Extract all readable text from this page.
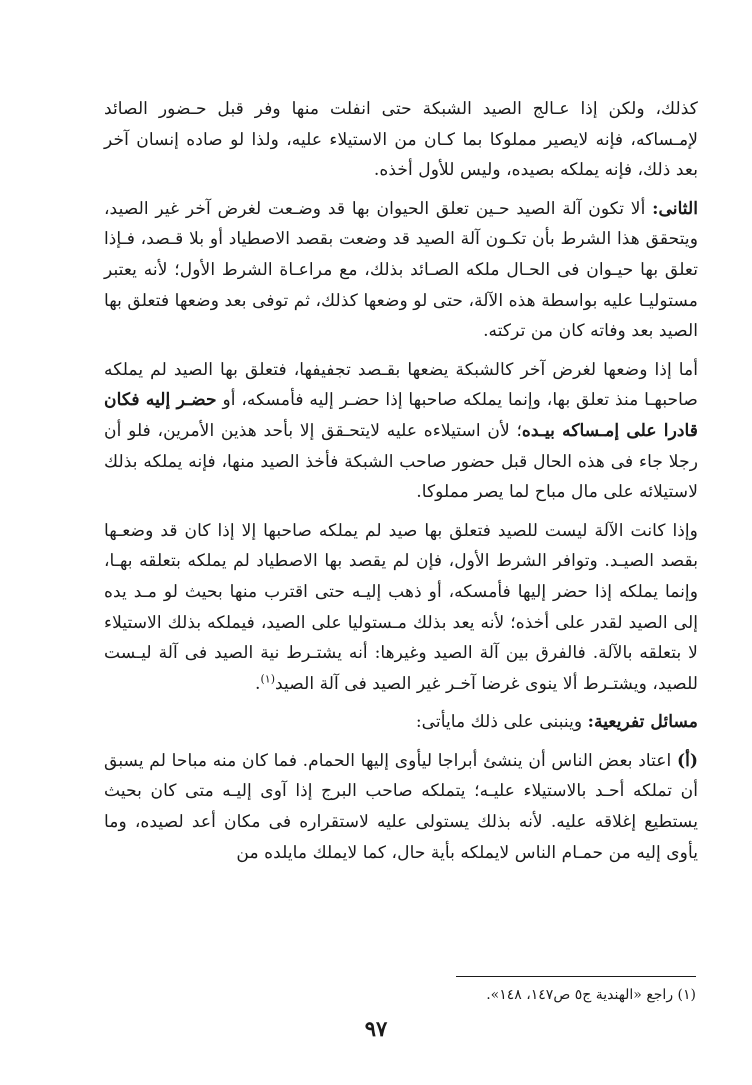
كذلك، ولكن إذا عـالج الصيد الشبكة حتى انفلت منها وفر قبل حـضور الصائد لإمـساكه، فإنه لايصير مملوكا بما كـان من الاستيلاء عليه، ولذا لو صاده إنسان آخر بعد ذلك، فإنه يملكه بصيده، وليس للأول أخذه.

الثانى: ألا تكون آلة الصيد حـين تعلق الحيوان بها قد وضـعت لغرض آخر غير الصيد، ويتحقق هذا الشرط بأن تكـون آلة الصيد قد وضعت بقصد الاصطياد أو بلا قـصد، فـإذا تعلق بها حيـوان فى الحـال ملكه الصـائد بذلك، مع مراعـاة الشرط الأول؛ لأنه يعتبر مستوليـا عليه بواسطة هذه الآلة، حتى لو وضعها كذلك، ثم توفى بعد وضعها فتعلق بها الصيد بعد وفاته كان من تركته.

أما إذا وضعها لغرض آخر كالشبكة يضعها بقـصد تجفيفها، فتعلق بها الصيد لم يملكه صاحبهـا منذ تعلق بها، وإنما يملكه صاحبها إذا حضـر إليه فأمسكه، أو حضـر إليه فكان قادرا على إمـساكه بيـده؛ لأن استيلاءه عليه لايتحـقق إلا بأحد هذين الأمرين، فلو أن رجلا جاء فى هذه الحال قبل حضور صاحب الشبكة فأخذ الصيد منها، فإنه يملكه بذلك لاستيلائه على مال مباح لما يصر مملوكا.

وإذا كانت الآلة ليست للصيد فتعلق بها صيد لم يملكه صاحبها إلا إذا كان قد وضعـها بقصد الصيـد. وتوافر الشرط الأول، فإن لم يقصد بها الاصطياد لم يملكه بتعلقه بهـا، وإنما يملكه إذا حضر إليها فأمسكه، أو ذهب إليـه حتى اقترب منها بحيث لو مـد يده إلى الصيد لقدر على أخذه؛ لأنه يعد بذلك مـستوليا على الصيد، فيملكه بذلك الاستيلاء لا بتعلقه بالآلة. فالفرق بين آلة الصيد وغيرها: أنه يشتـرط نية الصيد فى آلة ليـست للصيد، ويشتـرط ألا ينوى غرضا آخـر غير الصيد فى آلة الصيد$^{(١)}$.

مسائل تفريعية: وينبنى على ذلك مايأتى:

(أ) اعتاد بعض الناس أن ينشئ أبراجا ليأوى إليها الحمام. فما كان منه مباحا لم يسبق أن تملكه أحـد بالاستيلاء عليـه؛ يتملكه صاحب البرج إذا آوى إليـه متى كان بحيث يستطيع إغلاقه عليه. لأنه بذلك يستولى عليه لاستقراره فى مكان أعد لصيده، وما يأوى إليه من حمـام الناس لايملكه بأية حال، كما لايملك مايلده من

(١) راجع «الهندية ج٥ ص١٤٧، ١٤٨».
٩٧
